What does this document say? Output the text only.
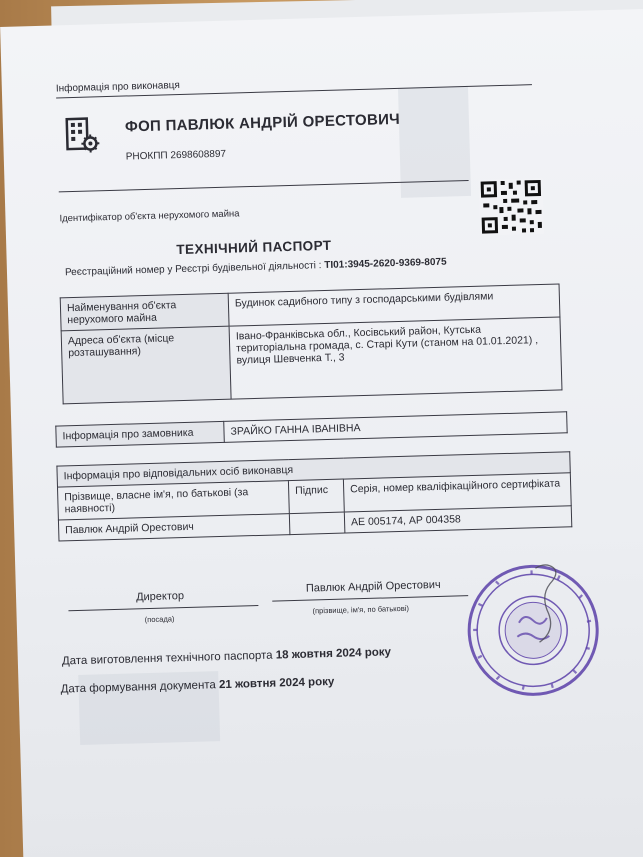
Інформація про виконавця
ФОП ПАВЛЮК АНДРІЙ ОРЕСТОВИЧ
РНОКПП 2698608897
Ідентифікатор об'єкта нерухомого майна
ТЕХНІЧНИЙ ПАСПОРТ
Реєстраційний номер у Реєстрі будівельної діяльності : ТІ01:3945-2620-9369-8075
Найменування об'єкта нерухомого майна	Будинок садибного типу з господарськими будівлями
Адреса об'єкта (місце розташування)	Івано-Франківська обл., Косівський район, Кутська територіальна громада, с. Старі Кути (станом на 01.01.2021) , вулиця Шевченка Т., 3
Інформація про замовника	ЗРАЙКО ГАННА ІВАНІВНА
Інформація про відповідальних осіб виконавця		
Прізвище, власне ім'я, по батькові (за наявності)	Підпис	Серія, номер кваліфікаційного сертифіката
Павлюк Андрій Орестович		АЕ 005174, АР 004358
Директор
(посада)
Павлюк Андрій Орестович
(прізвище, ім'я, по батькові)
Дата виготовлення технічного паспорта 18 жовтня 2024 року
Дата формування документа 21 жовтня 2024 року
